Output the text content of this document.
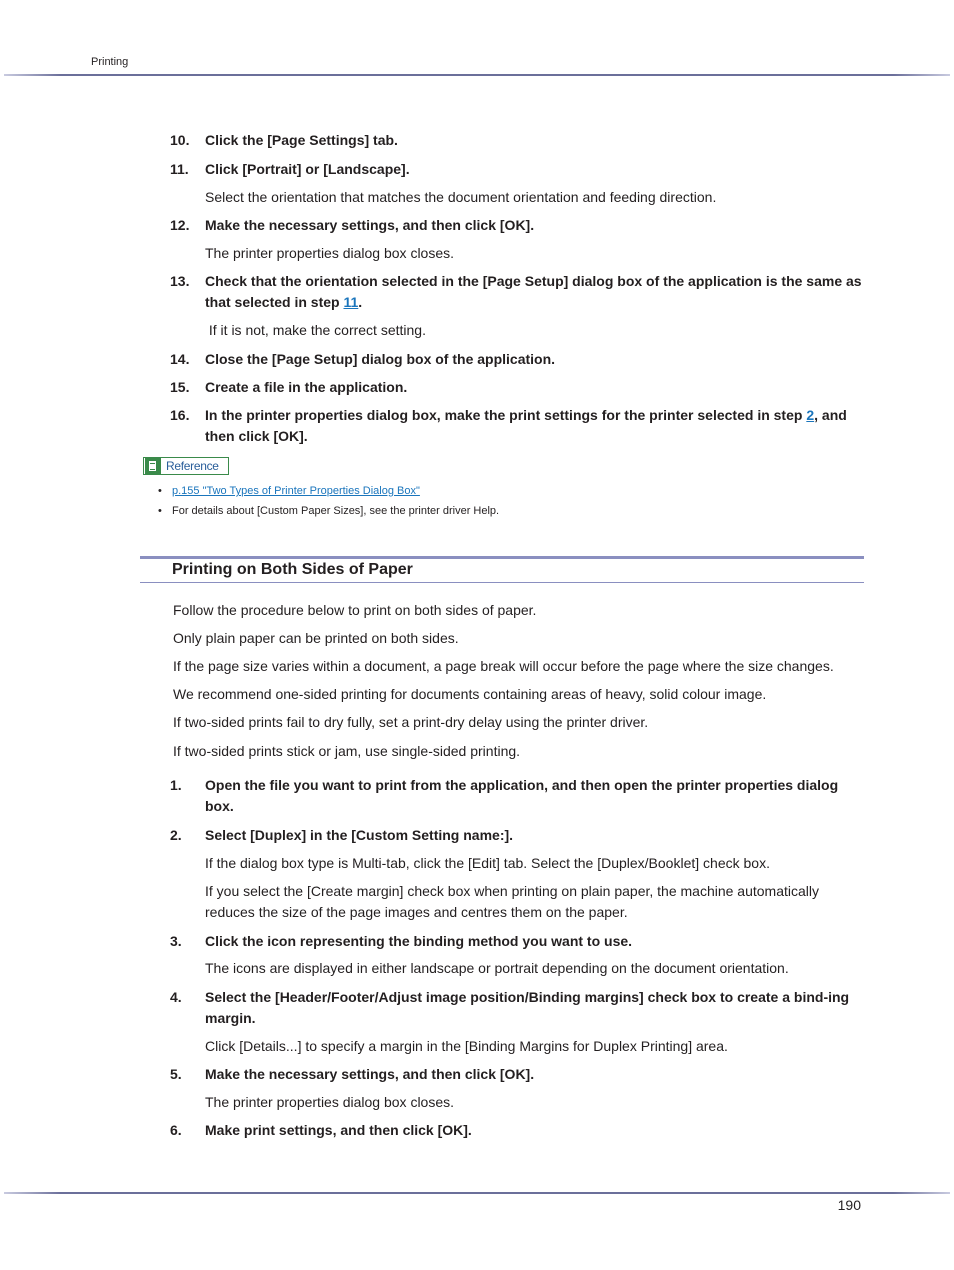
Printing
10.	Click the [Page Settings] tab.
11.	Click [Portrait] or [Landscape].
Select the orientation that matches the document orientation and feeding direction.
12.	Make the necessary settings, and then click [OK].
The printer properties dialog box closes.
13.	Check that the orientation selected in the [Page Setup] dialog box of the application is the same as that selected in step 11.
If it is not, make the correct setting.
14.	Close the [Page Setup] dialog box of the application.
15.	Create a file in the application.
16.	In the printer properties dialog box, make the print settings for the printer selected in step 2, and then click [OK].
Reference
• p.155 "Two Types of Printer Properties Dialog Box"
• For details about [Custom Paper Sizes], see the printer driver Help.
Printing on Both Sides of Paper
Follow the procedure below to print on both sides of paper.
Only plain paper can be printed on both sides.
If the page size varies within a document, a page break will occur before the page where the size changes.
We recommend one-sided printing for documents containing areas of heavy, solid colour image.
If two-sided prints fail to dry fully, set a print-dry delay using the printer driver.
If two-sided prints stick or jam, use single-sided printing.
1.	Open the file you want to print from the application, and then open the printer properties dialog box.
2.	Select [Duplex] in the [Custom Setting name:].
If the dialog box type is Multi-tab, click the [Edit] tab. Select the [Duplex/Booklet] check box.
If you select the [Create margin] check box when printing on plain paper, the machine automatically reduces the size of the page images and centres them on the paper.
3.	Click the icon representing the binding method you want to use.
The icons are displayed in either landscape or portrait depending on the document orientation.
4.	Select the [Header/Footer/Adjust image position/Binding margins] check box to create a bind-ing margin.
Click [Details...] to specify a margin in the [Binding Margins for Duplex Printing] area.
5.	Make the necessary settings, and then click [OK].
The printer properties dialog box closes.
6.	Make print settings, and then click [OK].
190
